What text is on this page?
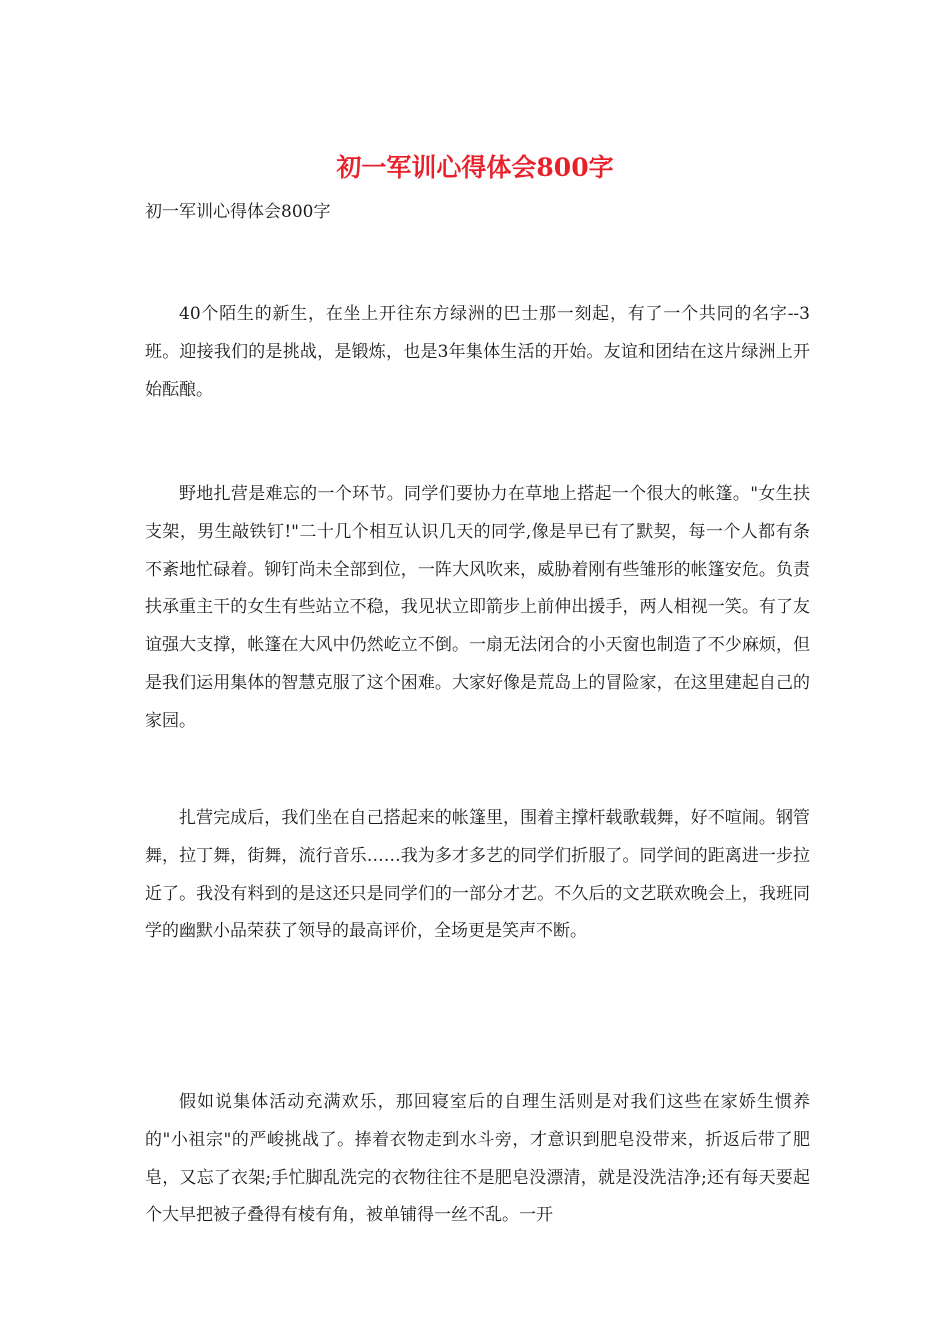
初一军训心得体会800字
初一军训心得体会800字

40个陌生的新生，在坐上开往东方绿洲的巴士那一刻起，有了一个共同的名字--3班。迎接我们的是挑战，是锻炼，也是3年集体生活的开始。友谊和团结在这片绿洲上开始酝酿。

野地扎营是难忘的一个环节。同学们要协力在草地上搭起一个很大的帐篷。"女生扶支架，男生敲铁钉!"二十几个相互认识几天的同学,像是早已有了默契，每一个人都有条不紊地忙碌着。铆钉尚未全部到位，一阵大风吹来，威胁着刚有些雏形的帐篷安危。负责扶承重主干的女生有些站立不稳，我见状立即箭步上前伸出援手，两人相视一笑。有了友谊强大支撑，帐篷在大风中仍然屹立不倒。一扇无法闭合的小天窗也制造了不少麻烦，但是我们运用集体的智慧克服了这个困难。大家好像是荒岛上的冒险家，在这里建起自己的家园。

扎营完成后，我们坐在自己搭起来的帐篷里，围着主撑杆载歌载舞，好不喧闹。钢管舞，拉丁舞，街舞，流行音乐……我为多才多艺的同学们折服了。同学间的距离进一步拉近了。我没有料到的是这还只是同学们的一部分才艺。不久后的文艺联欢晚会上，我班同学的幽默小品荣获了领导的最高评价，全场更是笑声不断。

假如说集体活动充满欢乐，那回寝室后的自理生活则是对我们这些在家娇生惯养的"小祖宗"的严峻挑战了。捧着衣物走到水斗旁，才意识到肥皂没带来，折返后带了肥皂，又忘了衣架;手忙脚乱洗完的衣物往往不是肥皂没漂清，就是没洗洁净;还有每天要起个大早把被子叠得有棱有角，被单铺得一丝不乱。一开
